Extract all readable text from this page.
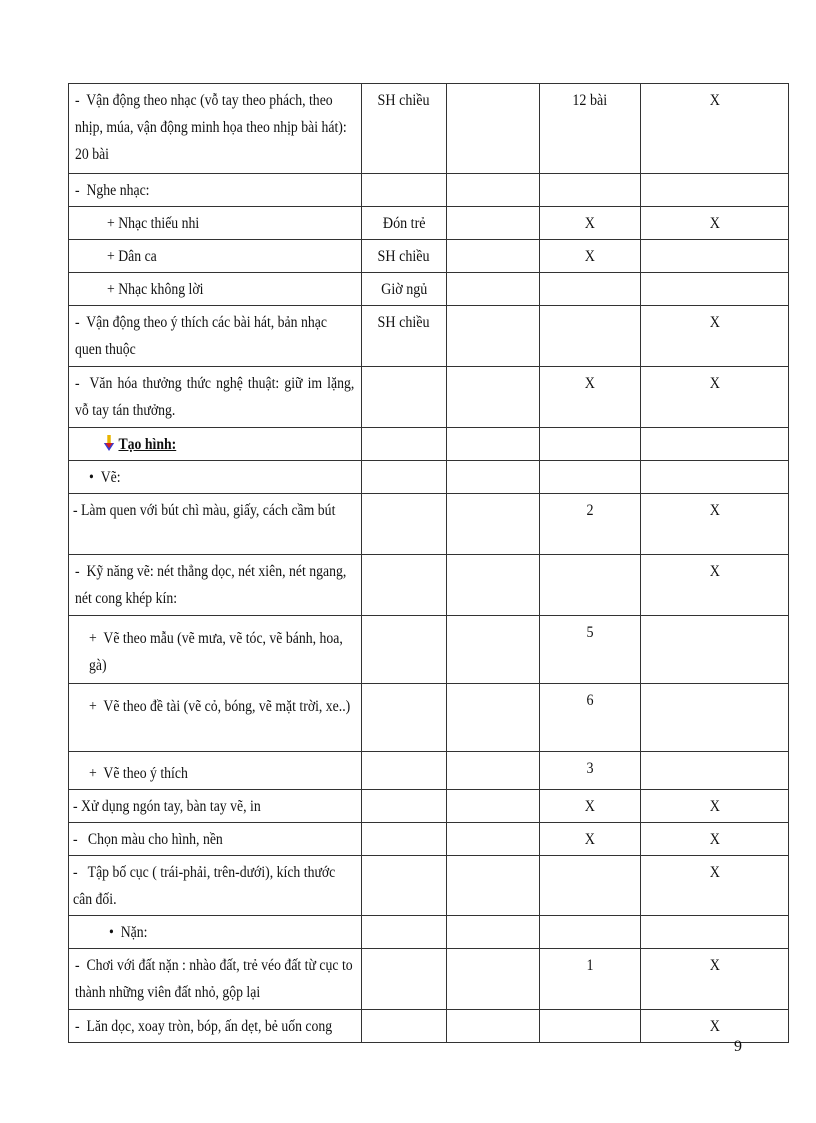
- Vận động theo nhạc (vỗ tay theo phách, theo nhịp, múa, vận động minh họa theo nhịp bài hát): 20 bài	SH chiều		12 bài	X

- Nghe nhạc:				

+ Nhạc thiếu nhi	Đón trẻ		X	X

+ Dân ca	SH chiều		X	

+ Nhạc không lời	Giờ ngủ			

- Vận động theo ý thích các bài hát, bản nhạc quen thuộc	SH chiều			X

- Văn hóa thưởng thức nghệ thuật: giữ im lặng, vỗ tay tán thưởng.			X	X

Tạo hình:				

• Vẽ:				

- Làm quen với bút chì màu, giấy, cách cầm bút			2	X

- Kỹ năng vẽ: nét thẳng dọc, nét xiên, nét ngang, nét cong khép kín:				X

+ Vẽ theo mẫu (vẽ mưa, vẽ tóc, vẽ bánh, hoa, gà)			5	

+ Vẽ theo đề tài (vẽ cỏ, bóng, vẽ mặt trời, xe..)			6	

+ Vẽ theo ý thích			3	

- Xử dụng ngón tay, bàn tay vẽ, in			X	X

- Chọn màu cho hình, nền			X	X

- Tập bố cục ( trái-phải, trên-dưới), kích thước cân đối.				X

• Nặn:				

- Chơi với đất nặn : nhào đất, trẻ véo đất từ cục to thành những viên đất nhỏ, gộp lại			1	X

- Lăn dọc, xoay tròn, bóp, ấn dẹt, bẻ uốn cong				X
9
